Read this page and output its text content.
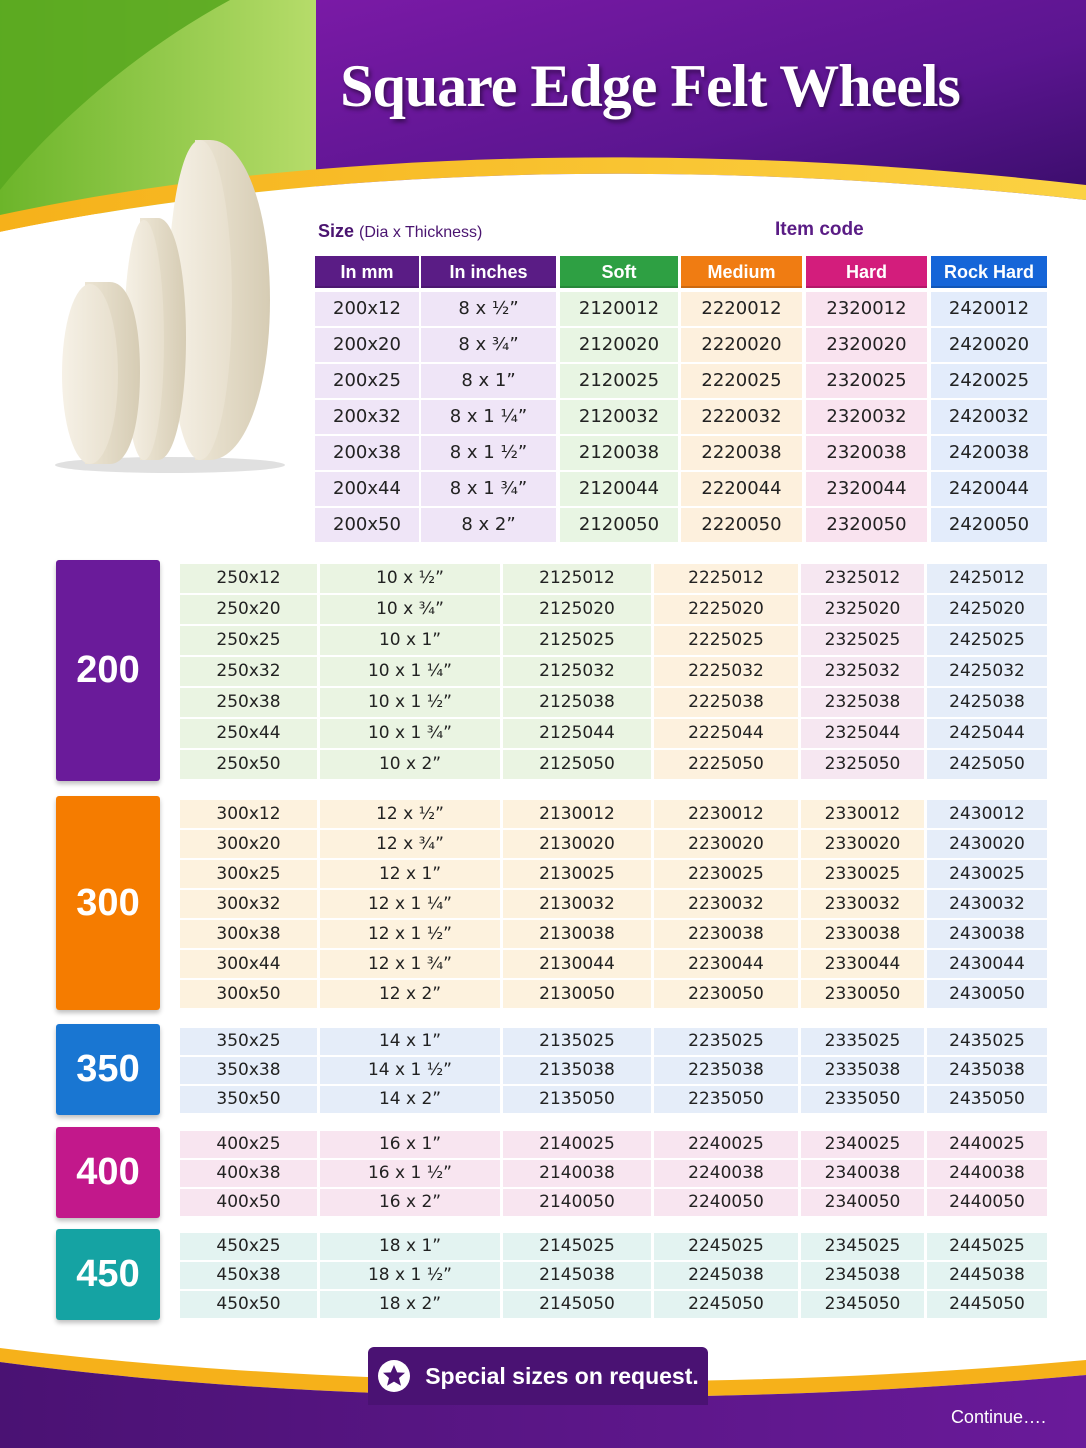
Square Edge Felt Wheels
Size (Dia x Thickness)	Item code
In mm	In inches	Soft	Medium	Hard	Rock Hard
200x12	8 x ½”	2120012	2220012	2320012	2420012
200x20	8 x ¾”	2120020	2220020	2320020	2420020
200x25	8 x 1”	2120025	2220025	2320025	2420025
200x32	8 x 1 ¼”	2120032	2220032	2320032	2420032
200x38	8 x 1 ½”	2120038	2220038	2320038	2420038
200x44	8 x 1 ¾”	2120044	2220044	2320044	2420044
200x50	8 x 2”	2120050	2220050	2320050	2420050
200
250x12	10 x ½”	2125012	2225012	2325012	2425012
250x20	10 x ¾”	2125020	2225020	2325020	2425020
250x25	10 x 1”	2125025	2225025	2325025	2425025
250x32	10 x 1 ¼”	2125032	2225032	2325032	2425032
250x38	10 x 1 ½”	2125038	2225038	2325038	2425038
250x44	10 x 1 ¾”	2125044	2225044	2325044	2425044
250x50	10 x 2”	2125050	2225050	2325050	2425050
300
300x12	12 x ½”	2130012	2230012	2330012	2430012
300x20	12 x ¾”	2130020	2230020	2330020	2430020
300x25	12 x 1”	2130025	2230025	2330025	2430025
300x32	12 x 1 ¼”	2130032	2230032	2330032	2430032
300x38	12 x 1 ½”	2130038	2230038	2330038	2430038
300x44	12 x 1 ¾”	2130044	2230044	2330044	2430044
300x50	12 x 2”	2130050	2230050	2330050	2430050
350
350x25	14 x 1”	2135025	2235025	2335025	2435025
350x38	14 x 1 ½”	2135038	2235038	2335038	2435038
350x50	14 x 2”	2135050	2235050	2335050	2435050
400
400x25	16 x 1”	2140025	2240025	2340025	2440025
400x38	16 x 1 ½”	2140038	2240038	2340038	2440038
400x50	16 x 2”	2140050	2240050	2340050	2440050
450
450x25	18 x 1”	2145025	2245025	2345025	2445025
450x38	18 x 1 ½”	2145038	2245038	2345038	2445038
450x50	18 x 2”	2145050	2245050	2345050	2445050
Special sizes on request.
Continue….
